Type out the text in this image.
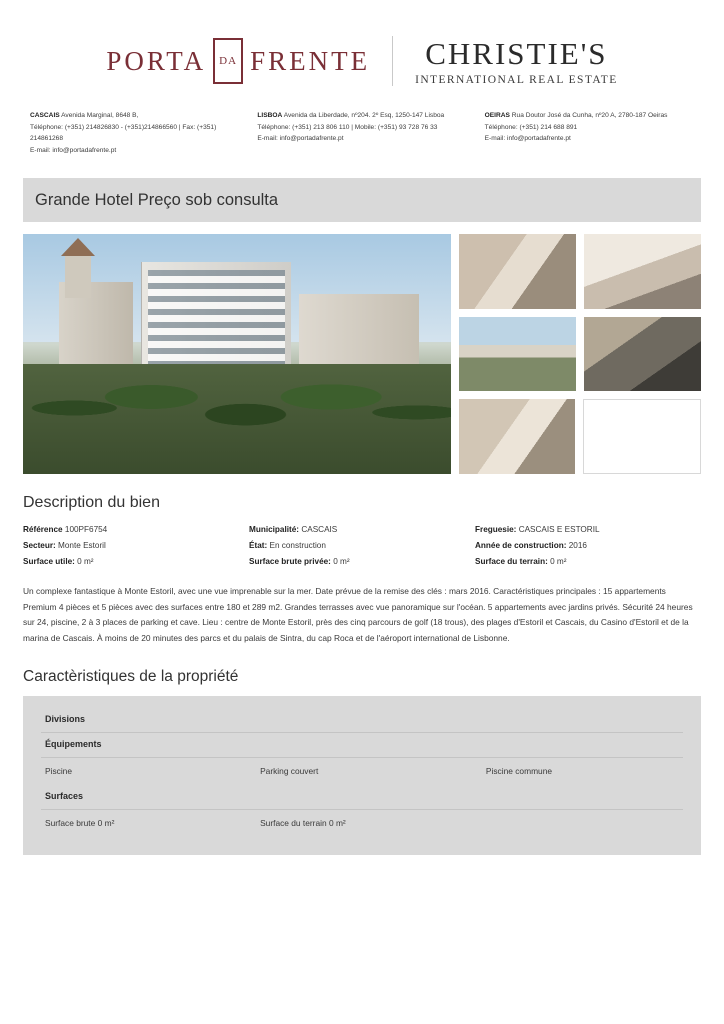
PORTA	DA FRENTE CHRISTIE'S
INTERNATIONAL REAL ESTATE
CASCAIS Avenida Marginal, 8648 B,
Téléphone: (+351) 214826830 - (+351)214866560 | Fax: (+351) 214861268
E-mail: info@portadafrente.pt
LISBOA Avenida da Liberdade, nº204. 2º Esq, 1250-147 Lisboa
Téléphone: (+351) 213 806 110 | Mobile: (+351) 93 728 76 33
E-mail: info@portadafrente.pt
OEIRAS Rua Doutor José da Cunha, nº20 A, 2780-187 Oeiras
Téléphone: (+351) 214 688 891
E-mail: info@portadafrente.pt
Grande Hotel Preço sob consulta
Description du bien
Référence 100PF6754
Secteur: Monte Estoril
Surface utile: 0 m²
Municipalité: CASCAIS
État: En construction
Surface brute privée: 0 m²
Freguesie: CASCAIS E ESTORIL
Année de construction: 2016
Surface du terrain: 0 m²

Un complexe fantastique à Monte Estoril, avec une vue imprenable sur la mer. Date prévue de la remise des clés : mars 2016. Caractéristiques principales : 15 appartements Premium 4 pièces et 5 pièces avec des surfaces entre 180 et 289 m2. Grandes terrasses avec vue panoramique sur l'océan. 5 appartements avec jardins privés. Sécurité 24 heures sur 24, piscine, 2 à 3 places de parking et cave. Lieu : centre de Monte Estoril, près des cinq parcours de golf (18 trous), des plages d'Estoril et Cascais, du Casino d'Estoril et de la marina de Cascais. À moins de 20 minutes des parcs et du palais de Sintra, du cap Roca et de l'aéroport international de Lisbonne.

Caractèristiques de la propriété
Divisions
Équipements
Piscine	Parking couvert	Piscine commune
Surfaces
Surface brute 0 m²	Surface du terrain 0 m²
